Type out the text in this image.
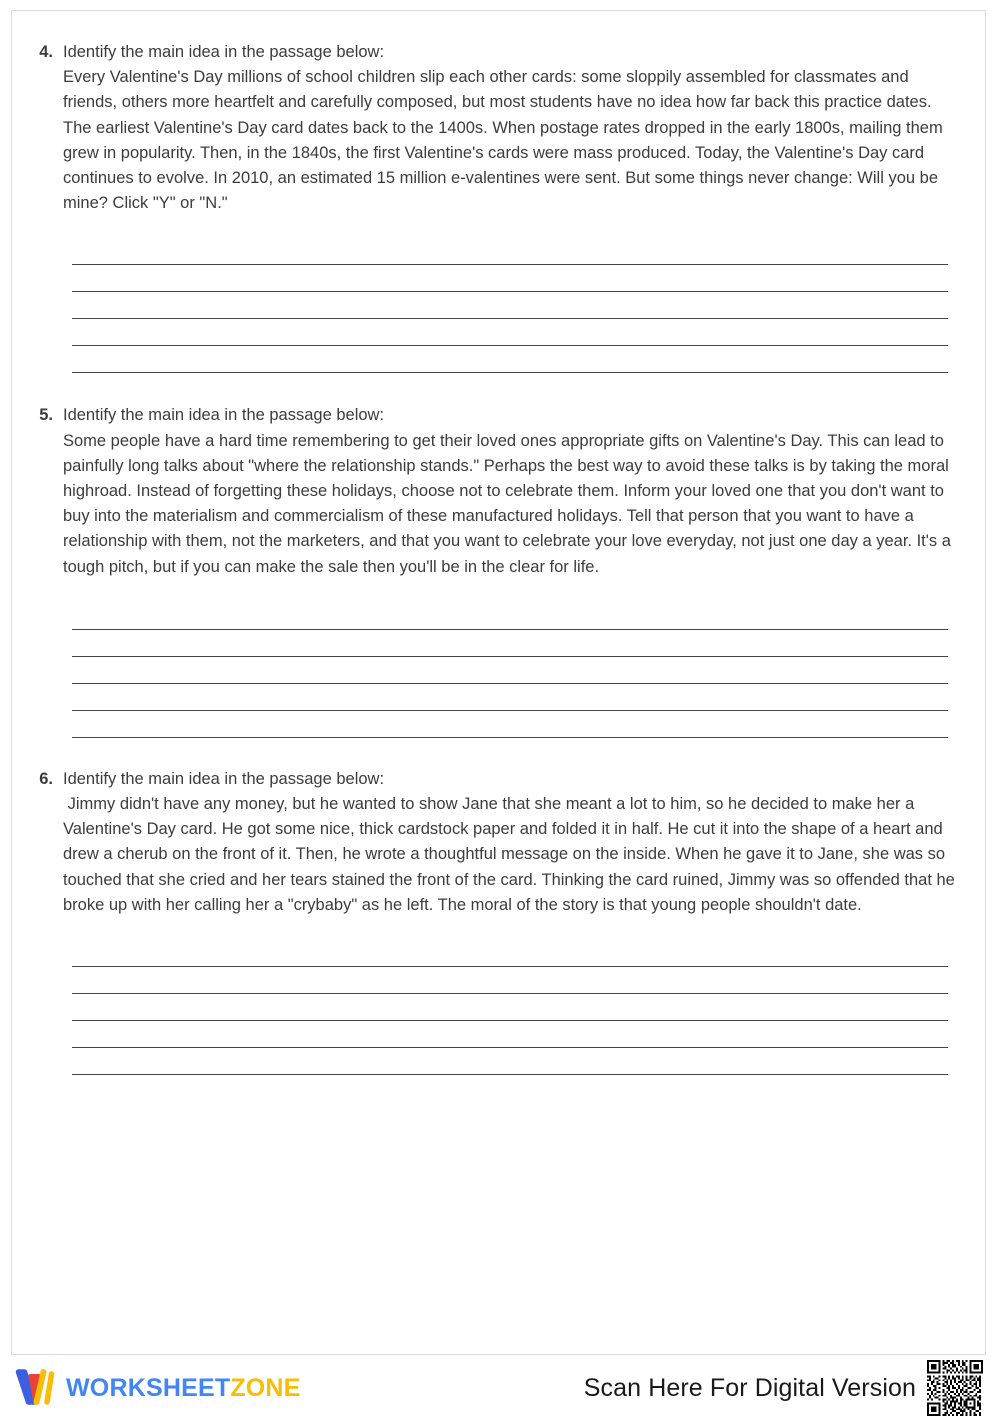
4. Identify the main idea in the passage below:
Every Valentine's Day millions of school children slip each other cards: some sloppily assembled for classmates and friends, others more heartfelt and carefully composed, but most students have no idea how far back this practice dates. The earliest Valentine's Day card dates back to the 1400s. When postage rates dropped in the early 1800s, mailing them grew in popularity. Then, in the 1840s, the first Valentine's cards were mass produced. Today, the Valentine's Day card continues to evolve. In 2010, an estimated 15 million e-valentines were sent. But some things never change: Will you be mine? Click "Y" or "N."
5. Identify the main idea in the passage below:
Some people have a hard time remembering to get their loved ones appropriate gifts on Valentine's Day. This can lead to painfully long talks about "where the relationship stands." Perhaps the best way to avoid these talks is by taking the moral highroad. Instead of forgetting these holidays, choose not to celebrate them. Inform your loved one that you don't want to buy into the materialism and commercialism of these manufactured holidays. Tell that person that you want to have a relationship with them, not the marketers, and that you want to celebrate your love everyday, not just one day a year. It's a tough pitch, but if you can make the sale then you'll be in the clear for life.
6. Identify the main idea in the passage below:
Jimmy didn't have any money, but he wanted to show Jane that she meant a lot to him, so he decided to make her a Valentine's Day card. He got some nice, thick cardstock paper and folded it in half. He cut it into the shape of a heart and drew a cherub on the front of it. Then, he wrote a thoughtful message on the inside. When he gave it to Jane, she was so touched that she cried and her tears stained the front of the card. Thinking the card ruined, Jimmy was so offended that he broke up with her calling her a "crybaby" as he left. The moral of the story is that young people shouldn't date.
WORKSHEETZONE	Scan Here For Digital Version
